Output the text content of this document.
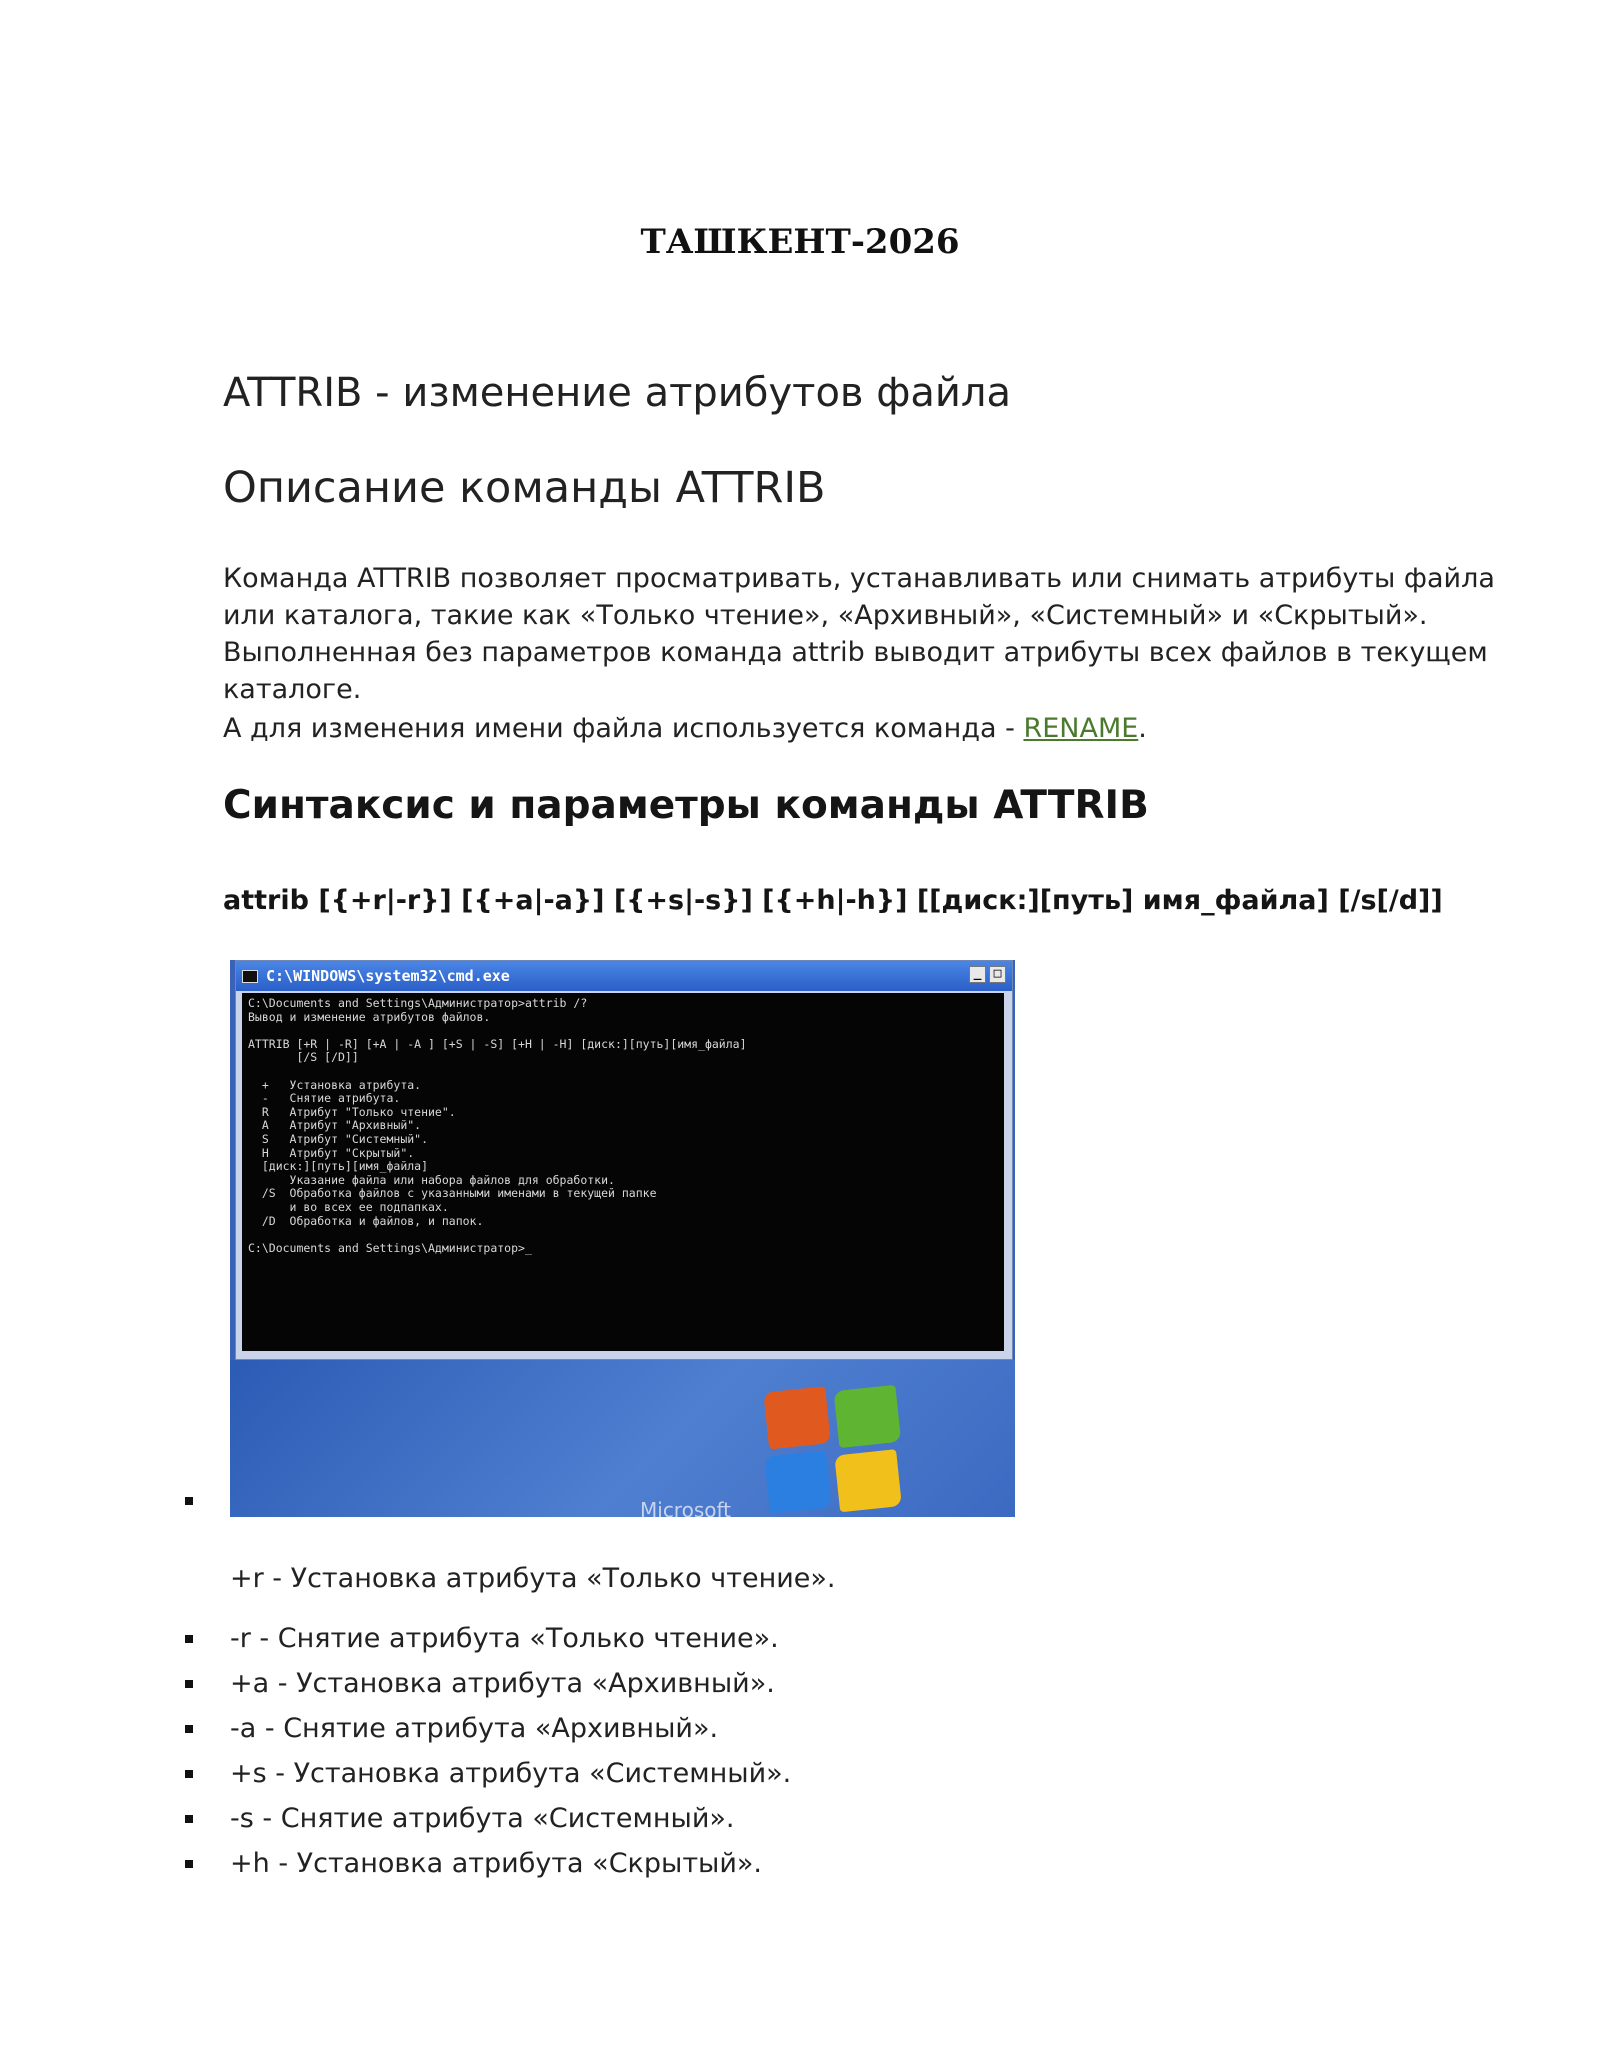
ТАШКЕНТ-2026
ATTRIB - изменение атрибутов файла
Описание команды ATTRIB

Команда ATTRIB позволяет просматривать, устанавливать или снимать атрибуты файла или каталога, такие как «Только чтение», «Архивный», «Системный» и «Скрытый». Выполненная без параметров команда attrib выводит атрибуты всех файлов в текущем каталоге.

А для изменения имени файла используется команда - RENAME.

Синтаксис и параметры команды ATTRIB
attrib [{+r|-r}] [{+a|-a}] [{+s|-s}] [{+h|-h}] [[диск:][путь] имя_файла] [/s[/d]]
C:\WINDOWS\system32\cmd.exe	_ □
C:\Documents and Settings\Администратор>attrib /?
Вывод и изменение атрибутов файлов.

ATTRIB [+R | -R] [+A | -A ] [+S | -S] [+H | -H] [диск:][путь][имя_файла]
[/S [/D]]

+   Установка атрибута.
-   Снятие атрибута.
R   Атрибут "Только чтение".
A   Атрибут "Архивный".
S   Атрибут "Системный".
H   Атрибут "Скрытый".
[диск:][путь][имя_файла]
Указание файла или набора файлов для обработки.
/S  Обработка файлов с указанными именами в текущей папке
и во всех ее подпапках.
/D  Обработка и файлов, и папок.

C:\Documents and Settings\Администратор>_
Microsoft
+r - Установка атрибута «Только чтение».
-r - Снятие атрибута «Только чтение».
+a - Установка атрибута «Архивный».
-a - Снятие атрибута «Архивный».
+s - Установка атрибута «Системный».
-s - Снятие атрибута «Системный».
+h - Установка атрибута «Скрытый».
